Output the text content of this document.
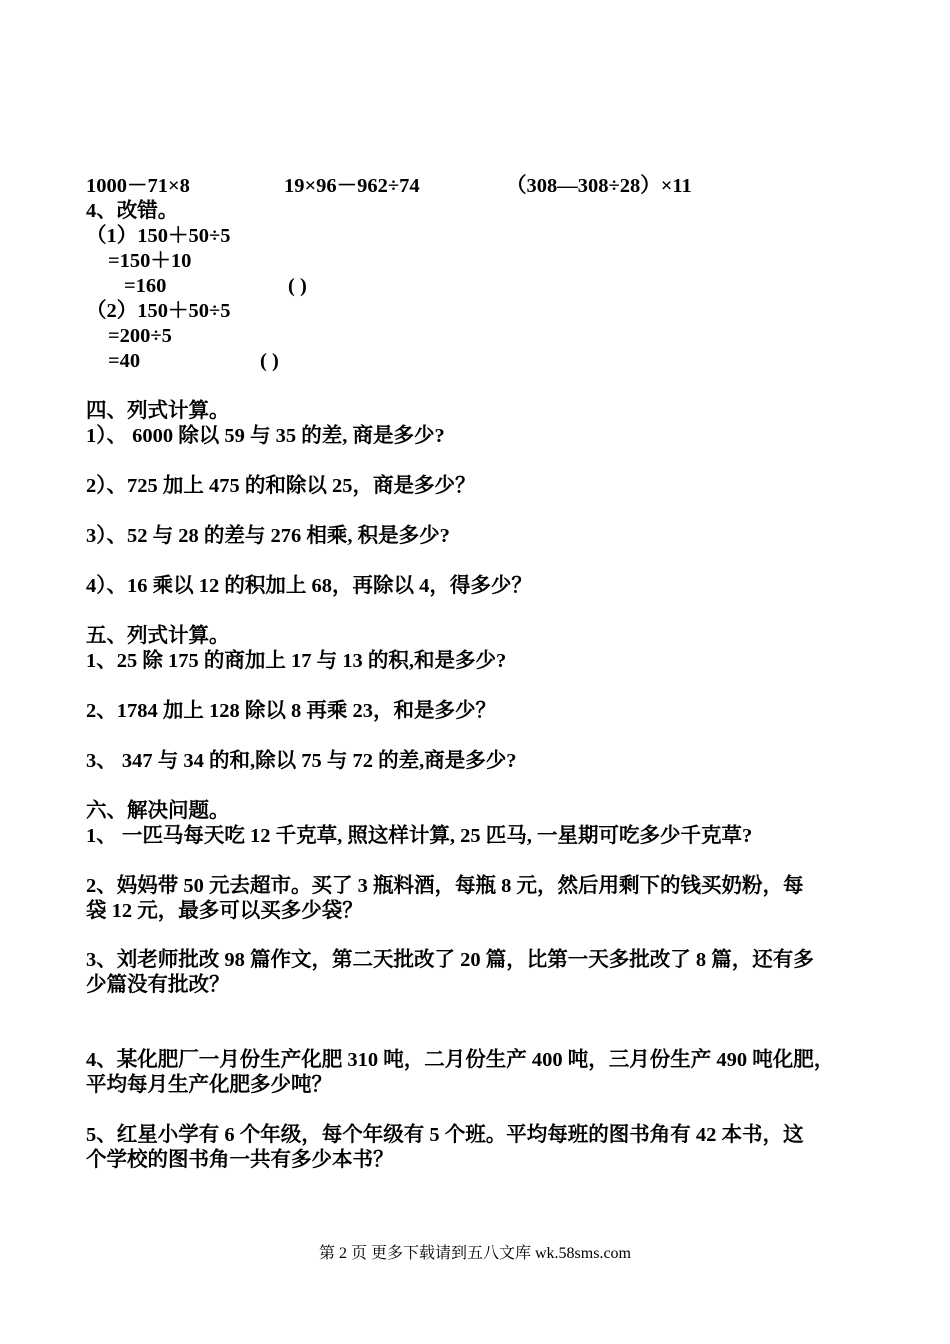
1000－71×8	19×96－962÷74	（308—308÷28）×11
4、改错。
（1）150＋50÷5
=150＋10
=160	( )
（2）150＋50÷5
=200÷5
=40	( )
四、列式计算。
1）、 6000 除以 59 与 35 的差, 商是多少?
2）、725 加上 475 的和除以 25，商是多少？
3）、52 与 28 的差与 276 相乘, 积是多少?
4）、16 乘以 12 的积加上 68，再除以 4，得多少？
五、列式计算。
1、25 除 175 的商加上 17 与 13 的积,和是多少?
2、1784 加上 128 除以 8 再乘 23，和是多少？
3、 347 与 34 的和,除以 75 与 72 的差,商是多少?
六、解决问题。
1、 一匹马每天吃 12 千克草, 照这样计算, 25 匹马, 一星期可吃多少千克草?
2、妈妈带 50 元去超市。买了 3 瓶料酒，每瓶 8 元，然后用剩下的钱买奶粉，每
袋 12 元，最多可以买多少袋？
3、刘老师批改 98 篇作文，第二天批改了 20 篇，比第一天多批改了 8 篇，还有多
少篇没有批改？
4、某化肥厂一月份生产化肥 310 吨，二月份生产 400 吨，三月份生产 490 吨化肥，
平均每月生产化肥多少吨？
5、红星小学有 6 个年级，每个年级有 5 个班。平均每班的图书角有 42 本书，这
个学校的图书角一共有多少本书？
第 2 页 更多下载请到五八文库 wk.58sms.com
